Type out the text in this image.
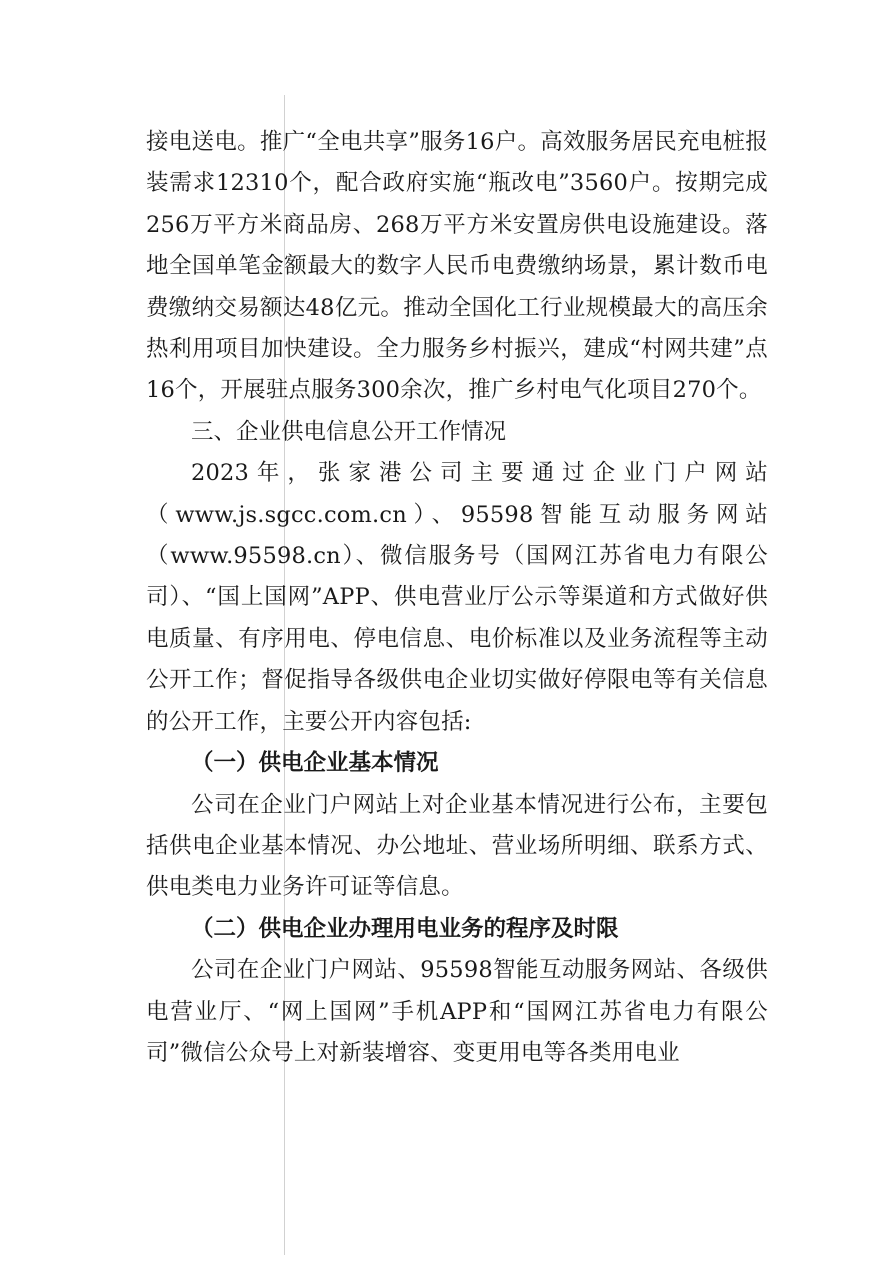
接电送电。推广“全电共享”服务16户。高效服务居民充电桩报装需求12310个，配合政府实施“瓶改电”3560户。按期完成256万平方米商品房、268万平方米安置房供电设施建设。落地全国单笔金额最大的数字人民币电费缴纳场景，累计数币电费缴纳交易额达48亿元。推动全国化工行业规模最大的高压余热利用项目加快建设。全力服务乡村振兴，建成“村网共建”点16个，开展驻点服务300余次，推广乡村电气化项目270个。

三、企业供电信息公开工作情况

2023年，张家港公司主要通过企业门户网站（www.js.sgcc.com.cn）、95598智能互动服务网站（www.95598.cn）、微信服务号（国网江苏省电力有限公司）、“国上国网”APP、供电营业厅公示等渠道和方式做好供电质量、有序用电、停电信息、电价标准以及业务流程等主动公开工作；督促指导各级供电企业切实做好停限电等有关信息的公开工作，主要公开内容包括:

（一）供电企业基本情况

公司在企业门户网站上对企业基本情况进行公布，主要包括供电企业基本情况、办公地址、营业场所明细、联系方式、供电类电力业务许可证等信息。

（二）供电企业办理用电业务的程序及时限

公司在企业门户网站、95598智能互动服务网站、各级供电营业厅、“网上国网”手机APP和“国网江苏省电力有限公司”微信公众号上对新装增容、变更用电等各类用电业
